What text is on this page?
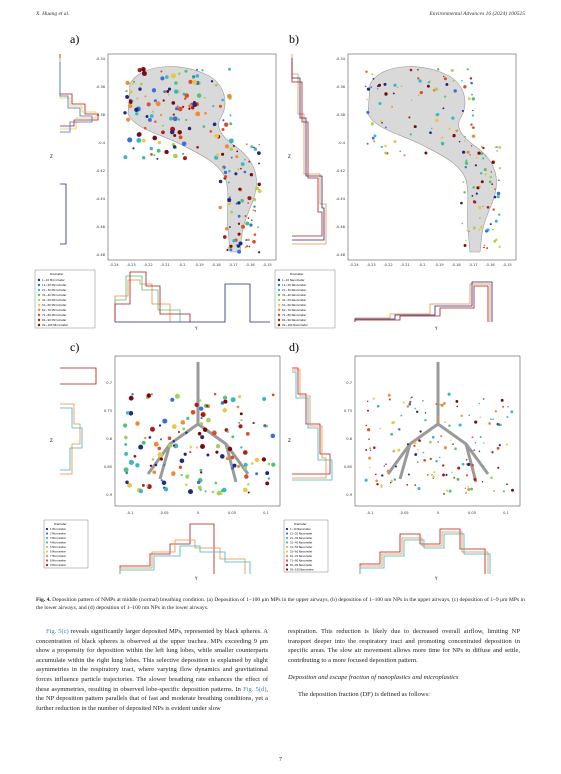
X. Huang et al.	Environmental Advances 16 (2024) 100525
a)	b)
c)	d)
-0.34
-0.36
-0.38
-0.4
-0.42
-0.44
-0.46
-0.48
-0.24 -0.23 -0.22 -0.21 -0.2 -0.19 -0.18 -0.17 -0.16 -0.15
Z
Y
Diameter
1~10 Micrometer
11~20 Micrometer
21~30 Micrometer
31~40 Micrometer
41~50 Micrometer
51~60 Micrometer
61~70 Micrometer
71~80 Micrometer
81~90 Micrometer
91~100 Micrometer
-0.34
-0.36
-0.38
-0.4
-0.42
-0.44
-0.46
-0.48
-0.24 -0.23 -0.22 -0.21 -0.2 -0.19 -0.18 -0.17 -0.16 -0.15
Z
Y
Diameter
1~10 Nanometer
11~20 Nanometer
21~30 Nanometer
31~40 Nanometer
41~50 Nanometer
51~60 Nanometer
61~70 Nanometer
71~80 Nanometer
81~90 Nanometer
91~100 Nanometer
0.7
0.75
0.8
0.85
0.9
-0.1	-0.05	0	0.05	0.1
Z
Y
Diameter
1 Micrometer
2 Micrometer
3 Micrometer
4 Micrometer
5 Micrometer
6 Micrometer
7 Micrometer
8 Micrometer
9 Micrometer
0.7
0.75
0.8
0.85
0.9
-0.1	-0.05	0	0.05	0.1
Z
Y
Diameter
1~10 Nanometer
11~20 Nanometer
21~30 Nanometer
31~40 Nanometer
41~50 Nanometer
51~60 Nanometer
61~70 Nanometer
71~80 Nanometer
81~90 Nanometer
91~100 Nanometer
Fig. 4. Deposition pattern of NMPs at middle (normal) breathing condition. (a) Deposition of 1–100 μm MPs in the upper airways, (b) deposition of 1–100 nm NPs in the upper airways, (c) deposition of 1–9 μm MPs in the lower airways, and (d) deposition of 1–100 nm NPs in the lower airways.

Fig. 5(c) reveals significantly larger deposited MPs, represented by black spheres. A concentration of black spheres is observed at the upper trachea. MPs exceeding 9 μm show a propensity for deposition within the left lung lobes, while smaller counterparts accumulate within the right lung lobes. This selective deposition is explained by slight asymmetries in the respiratory tract, where varying flow dynamics and gravitational forces influence particle trajectories. The slower breathing rate enhances the effect of these asymmetries, resulting in observed lobe-specific deposition patterns. In Fig. 5(d), the NP deposition pattern parallels that of fast and moderate breathing conditions, yet a further reduction in the number of deposited NPs is evident under slow

respiration. This reduction is likely due to decreased overall airflow, limiting NP transport deeper into the respiratory tract and promoting concentrated deposition in specific areas. The slow air movement allows more time for NPs to diffuse and settle, contributing to a more focused deposition pattern.

Deposition and escape fraction of nanoplastics and microplastics

The deposition fraction (DF) is defined as follows:

7
